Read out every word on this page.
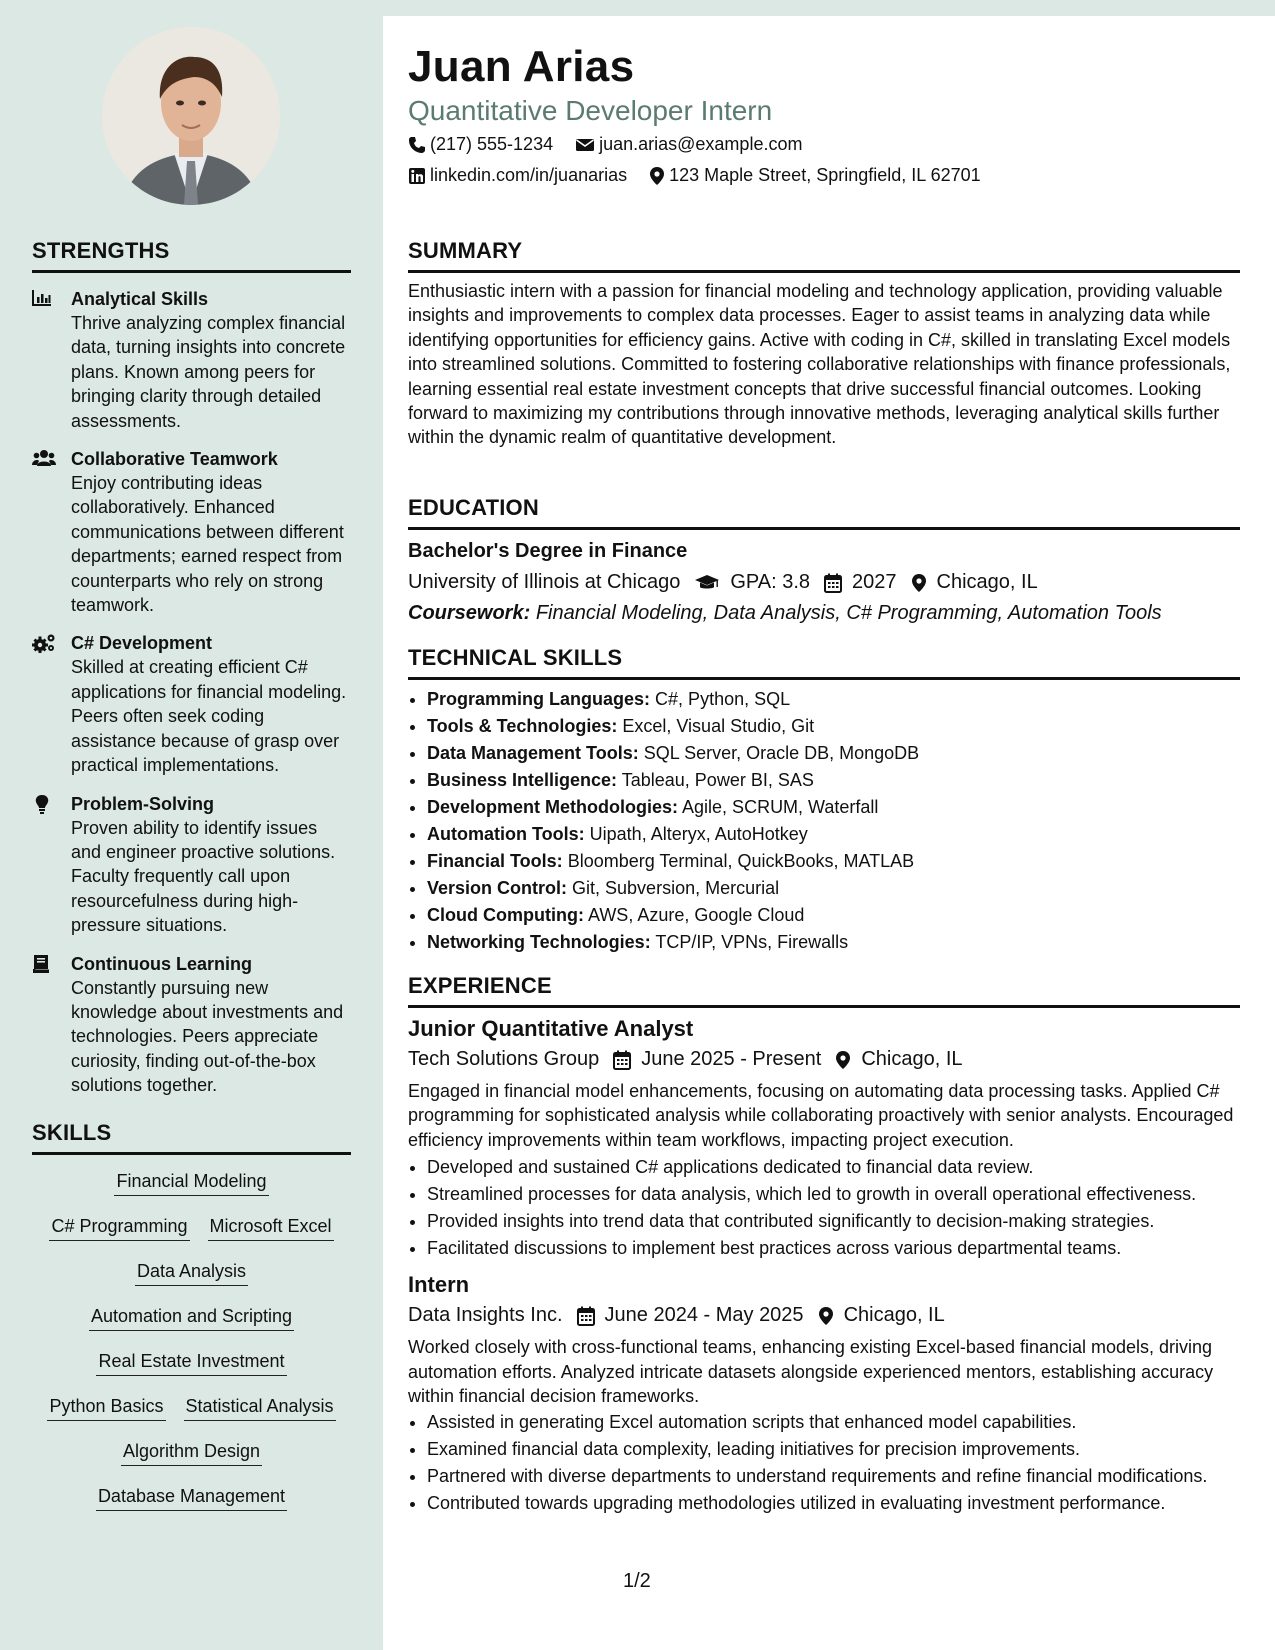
STRENGTHS
Analytical Skills
Thrive analyzing complex financial data, turning insights into concrete plans. Known among peers for bringing clarity through detailed assessments.
Collaborative Teamwork
Enjoy contributing ideas collaboratively. Enhanced communications between different departments; earned respect from counterparts who rely on strong teamwork.
C# Development
Skilled at creating efficient C# applications for financial modeling. Peers often seek coding assistance because of grasp over practical implementations.
Problem-Solving
Proven ability to identify issues and engineer proactive solutions. Faculty frequently call upon resourcefulness during high-pressure situations.
Continuous Learning
Constantly pursuing new knowledge about investments and technologies. Peers appreciate curiosity, finding out-of-the-box solutions together.
SKILLS
Financial Modeling
C# Programming Microsoft Excel
Data Analysis
Automation and Scripting
Real Estate Investment
Python Basics Statistical Analysis
Algorithm Design
Database Management
Juan Arias
Quantitative Developer Intern
(217) 555-1234	juan.arias@example.com
linkedin.com/in/juanarias 123 Maple Street, Springfield, IL 62701
SUMMARY
Enthusiastic intern with a passion for financial modeling and technology application, providing valuable insights and improvements to complex data processes. Eager to assist teams in analyzing data while identifying opportunities for efficiency gains. Active with coding in C#, skilled in translating Excel models into streamlined solutions. Committed to fostering collaborative relationships with finance professionals, learning essential real estate investment concepts that drive successful financial outcomes. Looking forward to maximizing my contributions through innovative methods, leveraging analytical skills further within the dynamic realm of quantitative development.
EDUCATION
Bachelor's Degree in Finance
University of Illinois at Chicago	GPA: 3.8 2027 Chicago, IL
Coursework: Financial Modeling, Data Analysis, C# Programming, Automation Tools
TECHNICAL SKILLS
• Programming Languages: C#, Python, SQL
• Tools & Technologies: Excel, Visual Studio, Git
• Data Management Tools: SQL Server, Oracle DB, MongoDB
• Business Intelligence: Tableau, Power BI, SAS
• Development Methodologies: Agile, SCRUM, Waterfall
• Automation Tools: Uipath, Alteryx, AutoHotkey
• Financial Tools: Bloomberg Terminal, QuickBooks, MATLAB
• Version Control: Git, Subversion, Mercurial
• Cloud Computing: AWS, Azure, Google Cloud
• Networking Technologies: TCP/IP, VPNs, Firewalls
EXPERIENCE
Junior Quantitative Analyst
Tech Solutions Group June 2025 - Present Chicago, IL
Engaged in financial model enhancements, focusing on automating data processing tasks. Applied C# programming for sophisticated analysis while collaborating proactively with senior analysts. Encouraged efficiency improvements within team workflows, impacting project execution.
• Developed and sustained C# applications dedicated to financial data review.
• Streamlined processes for data analysis, which led to growth in overall operational effectiveness.
• Provided insights into trend data that contributed significantly to decision-making strategies.
• Facilitated discussions to implement best practices across various departmental teams.
Intern
Data Insights Inc. June 2024 - May 2025 Chicago, IL
Worked closely with cross-functional teams, enhancing existing Excel-based financial models, driving automation efforts. Analyzed intricate datasets alongside experienced mentors, establishing accuracy within financial decision frameworks.
• Assisted in generating Excel automation scripts that enhanced model capabilities.
• Examined financial data complexity, leading initiatives for precision improvements.
• Partnered with diverse departments to understand requirements and refine financial modifications.
• Contributed towards upgrading methodologies utilized in evaluating investment performance.
1/2
